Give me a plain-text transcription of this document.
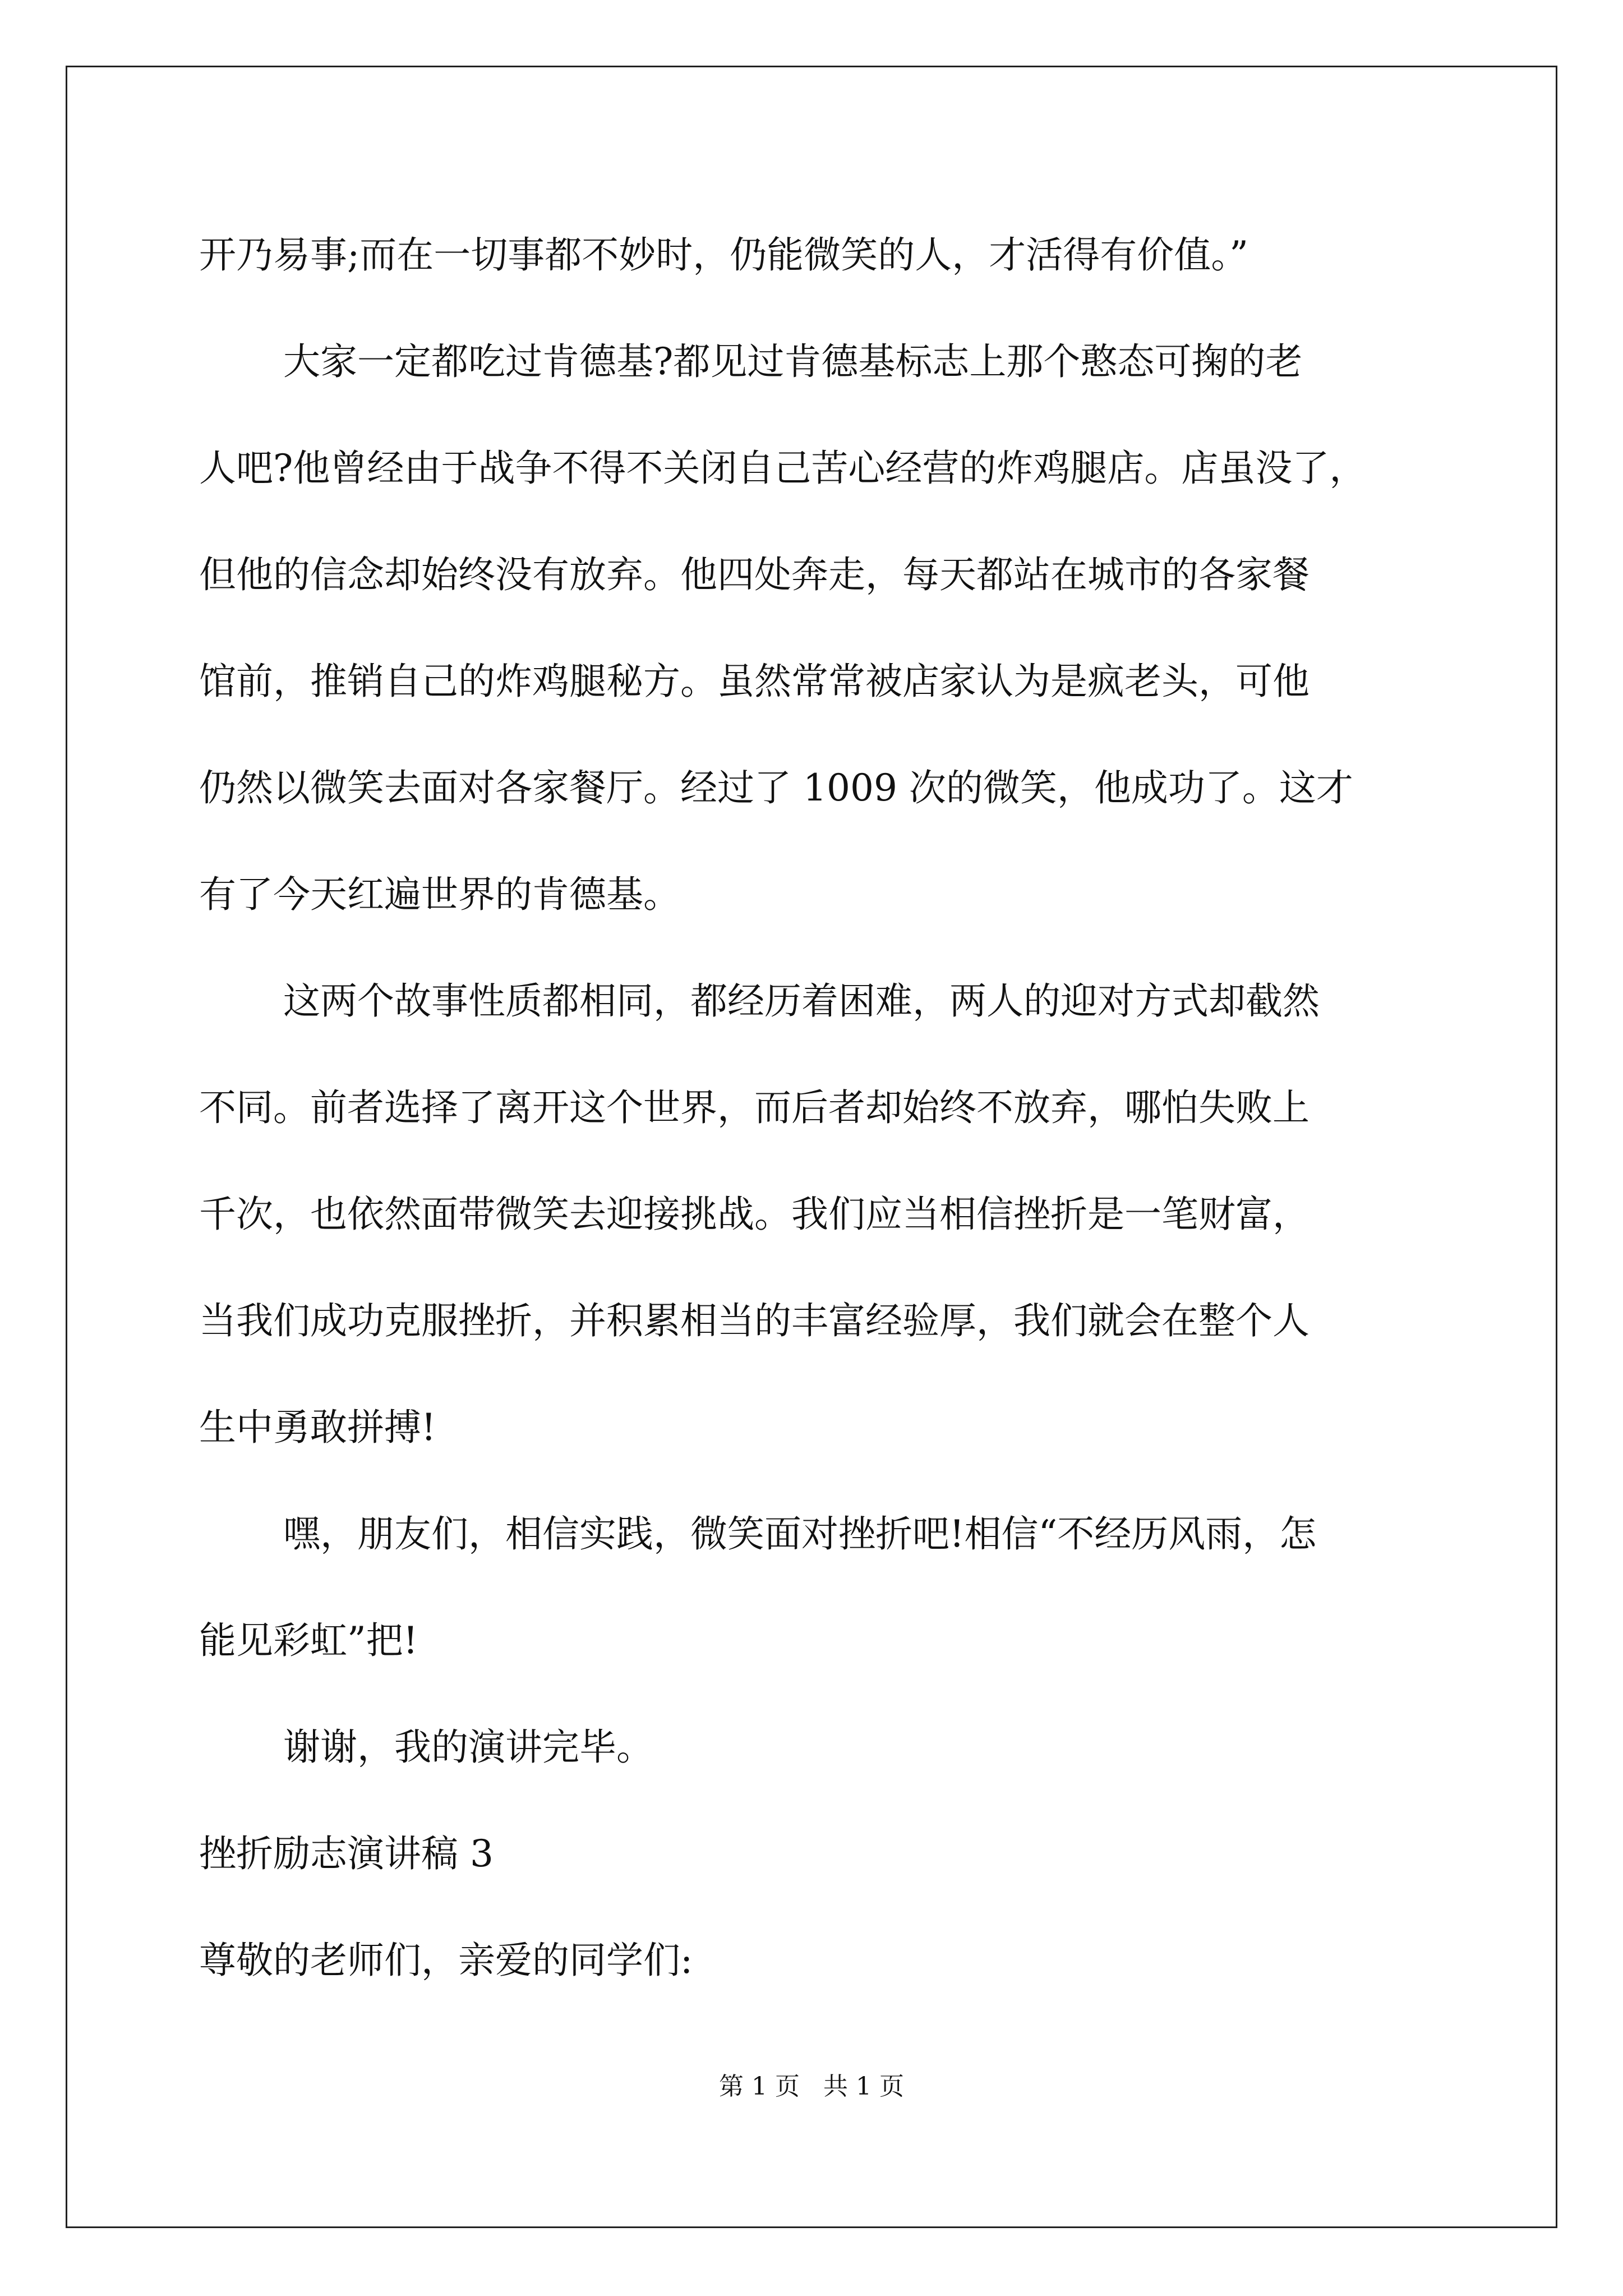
开乃易事;而在一切事都不妙时，仍能微笑的人，才活得有价值。”
大家一定都吃过肯德基?都见过肯德基标志上那个憨态可掬的老
人吧?他曾经由于战争不得不关闭自己苦心经营的炸鸡腿店。店虽没了，
但他的信念却始终没有放弃。他四处奔走，每天都站在城市的各家餐
馆前，推销自己的炸鸡腿秘方。虽然常常被店家认为是疯老头，可他
仍然以微笑去面对各家餐厅。经过了 1009 次的微笑，他成功了。这才
有了今天红遍世界的肯德基。
这两个故事性质都相同，都经历着困难，两人的迎对方式却截然
不同。前者选择了离开这个世界，而后者却始终不放弃，哪怕失败上
千次，也依然面带微笑去迎接挑战。我们应当相信挫折是一笔财富，
当我们成功克服挫折，并积累相当的丰富经验厚，我们就会在整个人
生中勇敢拼搏!
嘿，朋友们，相信实践，微笑面对挫折吧!相信“不经历风雨，怎
能见彩虹”把!
谢谢，我的演讲完毕。
挫折励志演讲稿 3
尊敬的老师们，亲爱的同学们:
第 1 页   共 1 页
